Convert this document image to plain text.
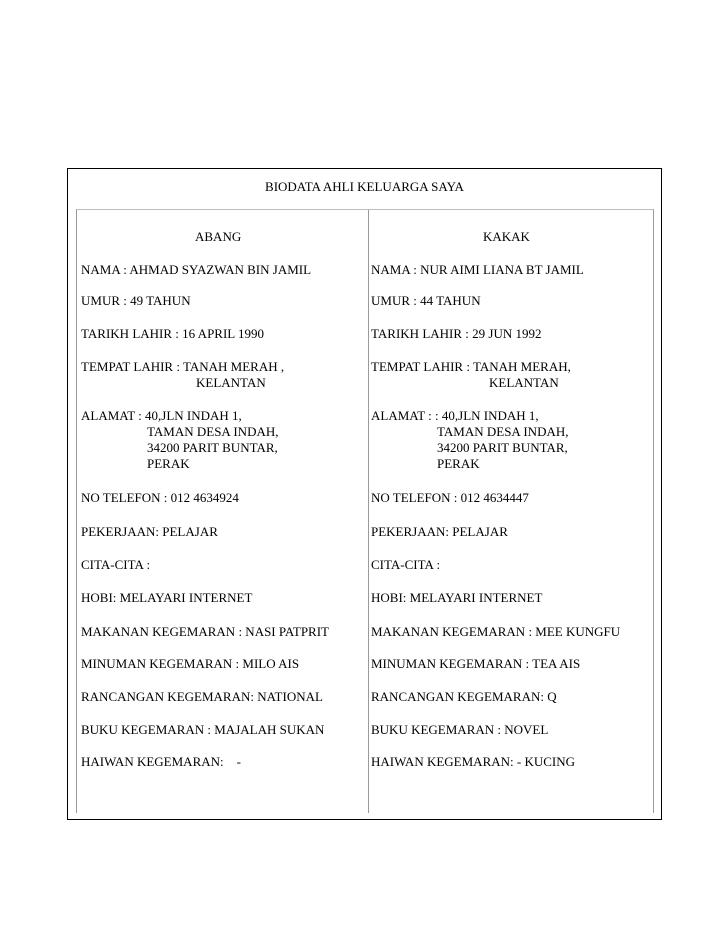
BIODATA AHLI KELUARGA SAYA
ABANG	KAKAK
NAMA : AHMAD SYAZWAN BIN JAMIL
UMUR : 49 TAHUN
TARIKH LAHIR : 16 APRIL 1990
TEMPAT LAHIR : TANAH MERAH ,
KELANTAN
ALAMAT : 40,JLN INDAH 1,
TAMAN DESA INDAH,
34200 PARIT BUNTAR,
PERAK
NO TELEFON : 012 4634924
PEKERJAAN: PELAJAR
CITA-CITA :
HOBI: MELAYARI INTERNET
MAKANAN KEGEMARAN : NASI PATPRIT
MINUMAN KEGEMARAN : MILO AIS
RANCANGAN KEGEMARAN: NATIONAL
BUKU KEGEMARAN : MAJALAH SUKAN
HAIWAN KEGEMARAN:    -
NAMA : NUR AIMI LIANA BT JAMIL
UMUR : 44 TAHUN
TARIKH LAHIR : 29 JUN 1992
TEMPAT LAHIR : TANAH MERAH,
KELANTAN
ALAMAT : : 40,JLN INDAH 1,
TAMAN DESA INDAH,
34200 PARIT BUNTAR,
PERAK
NO TELEFON : 012 4634447
PEKERJAAN: PELAJAR
CITA-CITA :
HOBI: MELAYARI INTERNET
MAKANAN KEGEMARAN : MEE KUNGFU
MINUMAN KEGEMARAN : TEA AIS
RANCANGAN KEGEMARAN: Q
BUKU KEGEMARAN : NOVEL
HAIWAN KEGEMARAN: - KUCING
